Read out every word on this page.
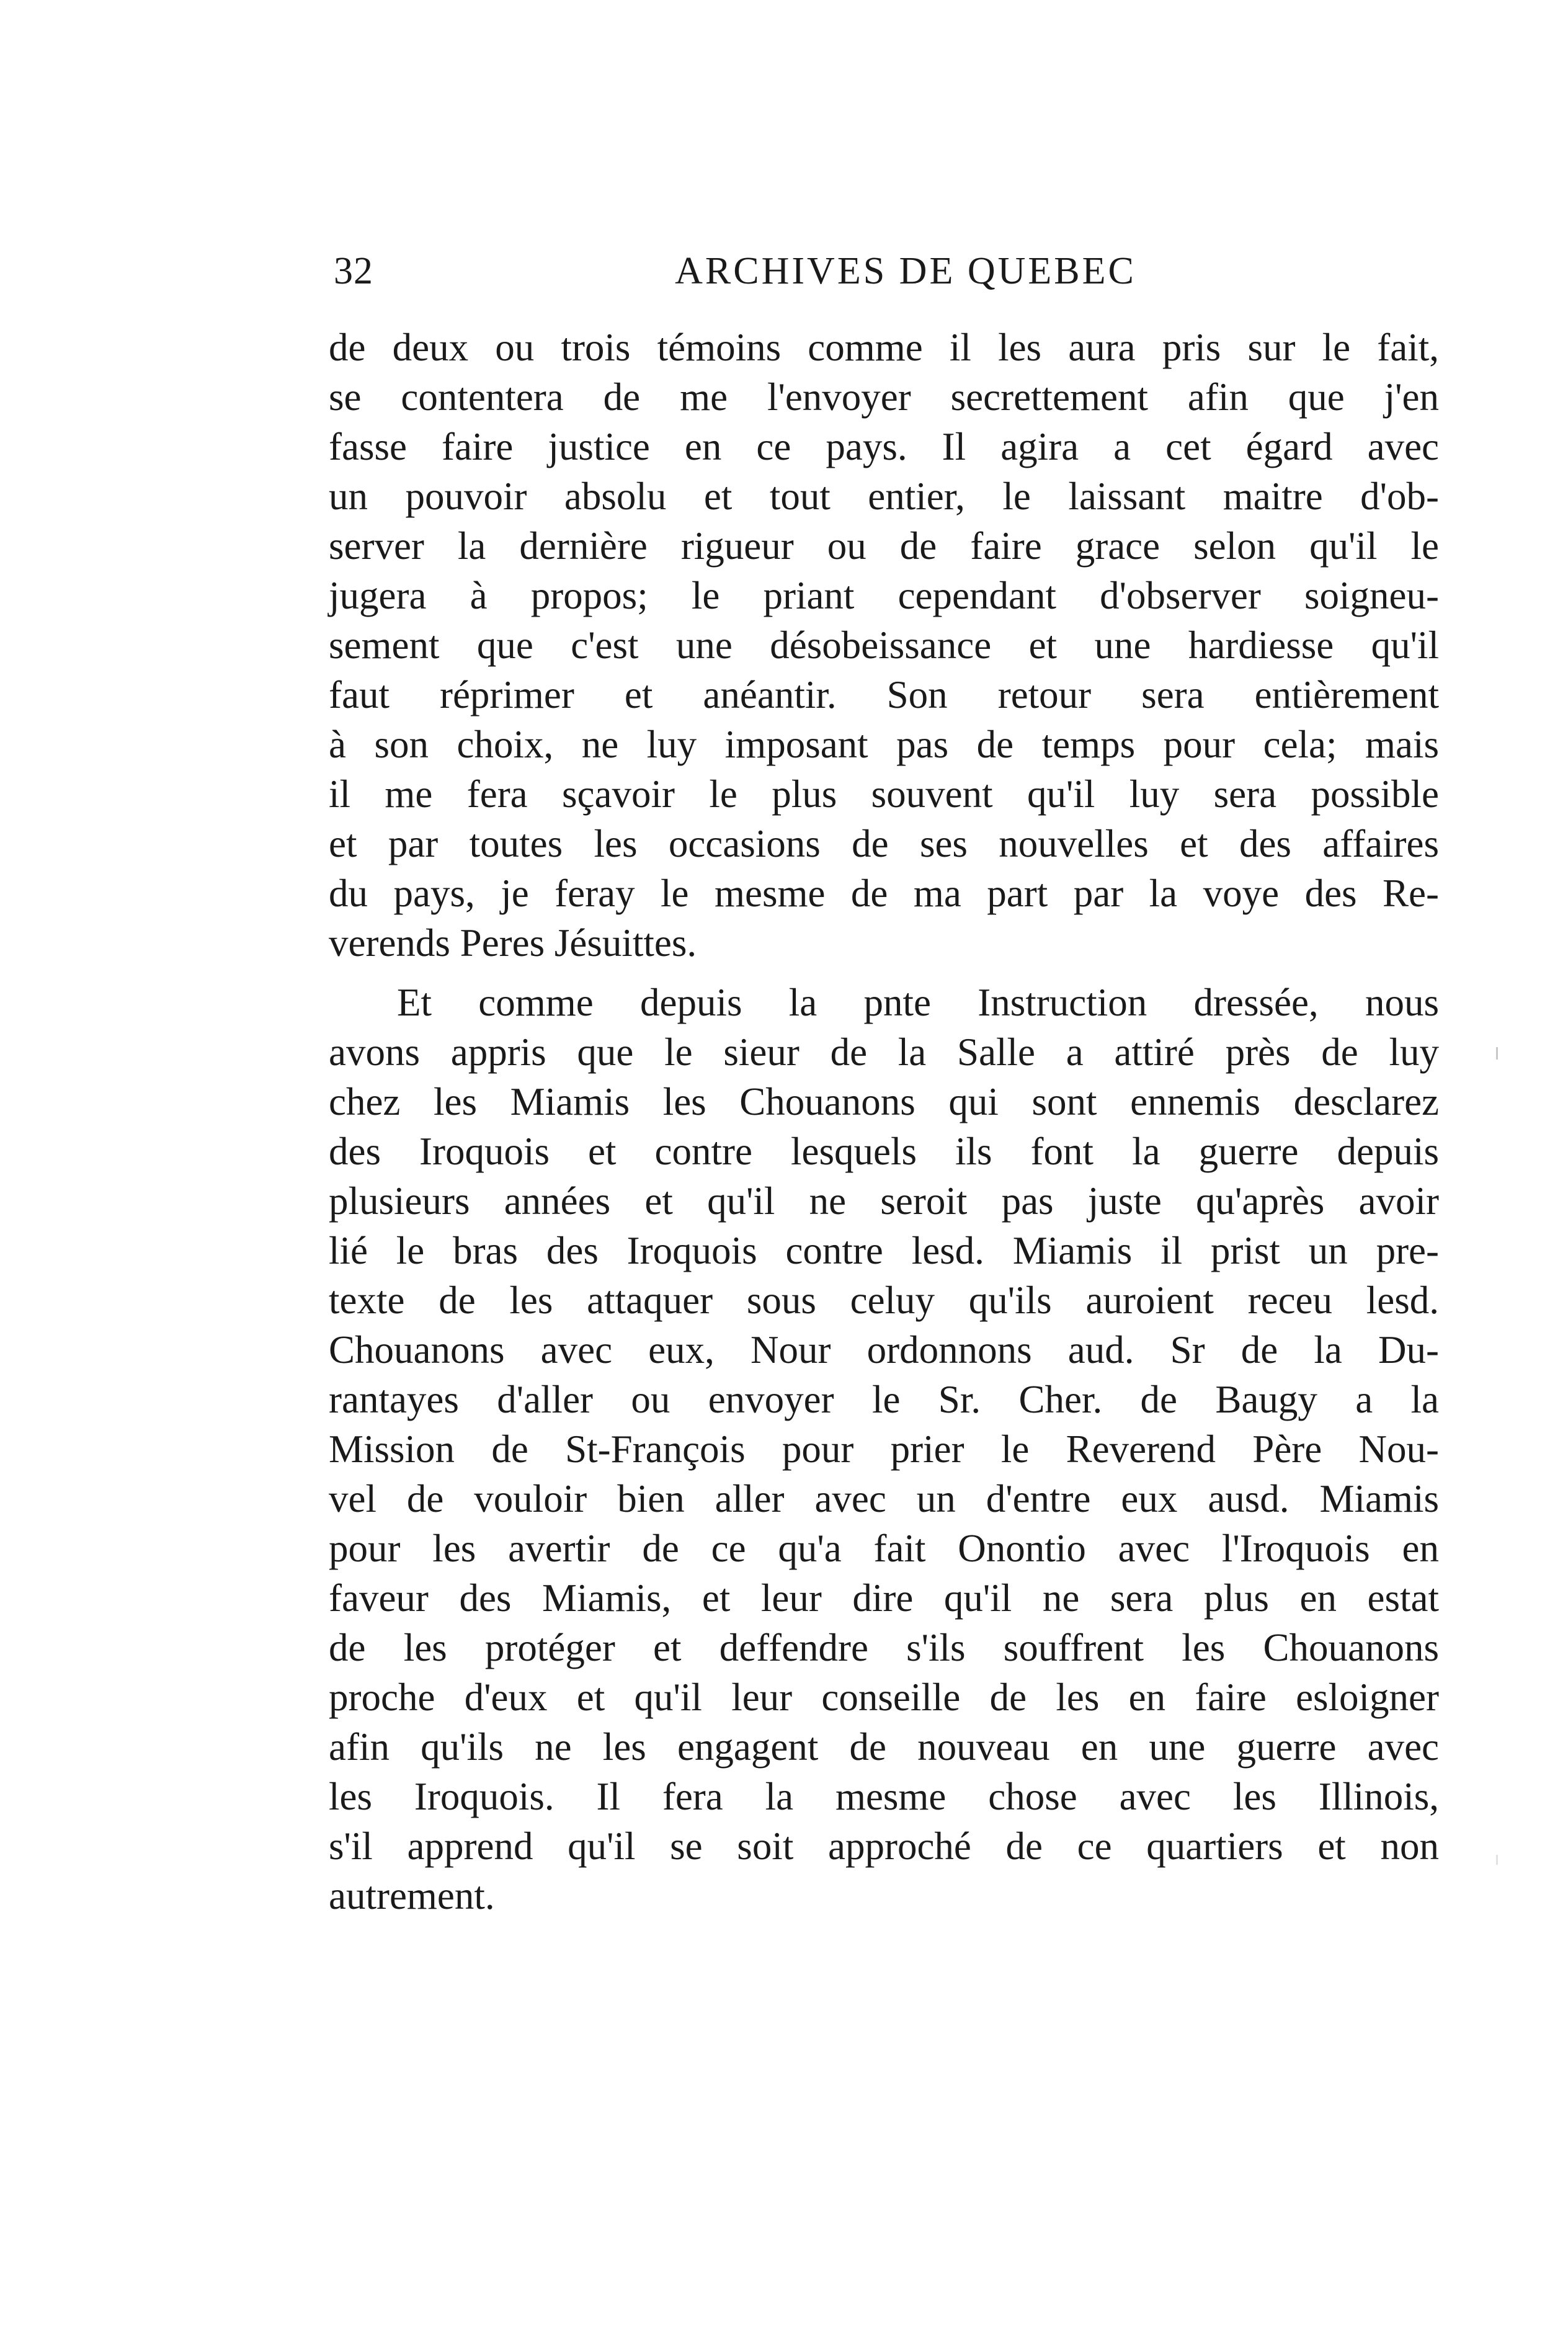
32	ARCHIVES DE QUEBEC
de deux ou trois témoins comme il les aura pris sur le fait,
se contentera de me l'envoyer secrettement afin que j'en
fasse faire justice en ce pays. Il agira a cet égard avec
un pouvoir absolu et tout entier, le laissant maitre d'ob-
server la dernière rigueur ou de faire grace selon qu'il le
jugera à propos; le priant cependant d'observer soigneu-
sement que c'est une désobeissance et une hardiesse qu'il
faut réprimer et anéantir. Son retour sera entièrement
à son choix, ne luy imposant pas de temps pour cela; mais
il me fera sçavoir le plus souvent qu'il luy sera possible
et par toutes les occasions de ses nouvelles et des affaires
du pays, je feray le mesme de ma part par la voye des Re-
verends Peres Jésuittes.
Et comme depuis la pnte Instruction dressée, nous
avons appris que le sieur de la Salle a attiré près de luy
chez les Miamis les Chouanons qui sont ennemis desclarez
des Iroquois et contre lesquels ils font la guerre depuis
plusieurs années et qu'il ne seroit pas juste qu'après avoir
lié le bras des Iroquois contre lesd. Miamis il prist un pre-
texte de les attaquer sous celuy qu'ils auroient receu lesd.
Chouanons avec eux, Nour ordonnons aud. Sr de la Du-
rantayes d'aller ou envoyer le Sr. Cher. de Baugy a la
Mission de St-François pour prier le Reverend Père Nou-
vel de vouloir bien aller avec un d'entre eux ausd. Miamis
pour les avertir de ce qu'a fait Onontio avec l'Iroquois en
faveur des Miamis, et leur dire qu'il ne sera plus en estat
de les protéger et deffendre s'ils souffrent les Chouanons
proche d'eux et qu'il leur conseille de les en faire esloigner
afin qu'ils ne les engagent de nouveau en une guerre avec
les Iroquois. Il fera la mesme chose avec les Illinois,
s'il apprend qu'il se soit approché de ce quartiers et non
autrement.
